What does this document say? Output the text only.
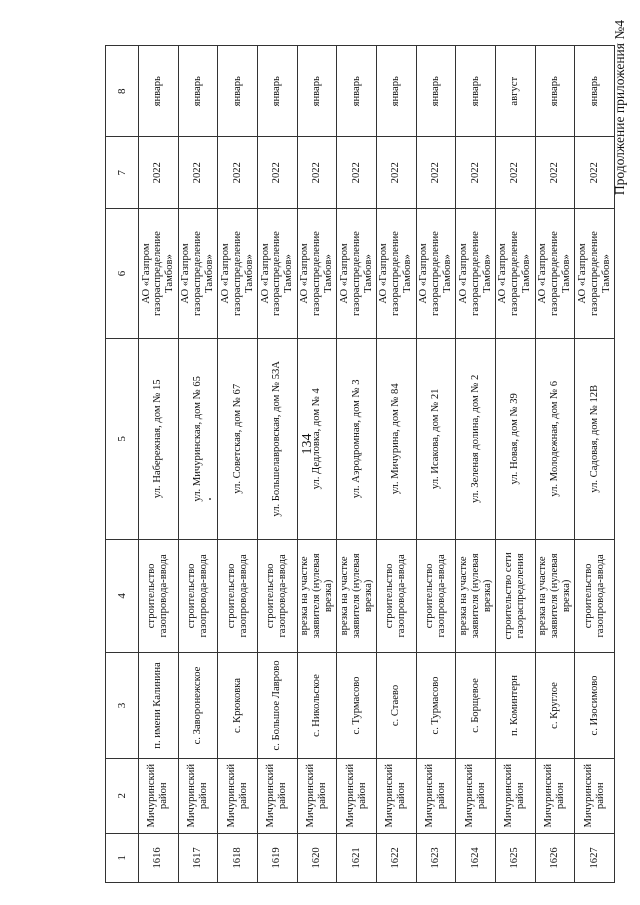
134
Продолжение приложения №4
1	2	3	4	5	6	7	8
1616	Мичуринский район	п. имени Калинина	строительство газопровода-ввода	ул. Набережная, дом № 15	АО «Газпром газораспределение Тамбов»	2022	январь
1617	Мичуринский район	с. Заворонежское	строительство газопровода-ввода	ул. Мичуринская, дом № 65	АО «Газпром газораспределение Тамбов»	2022	январь
1618	Мичуринский район	с. Крюковка	строительство газопровода-ввода	ул. Советская, дом № 67	АО «Газпром газораспределение Тамбов»	2022	январь
1619	Мичуринский район	с. Большое Лаврово	строительство газопровода-ввода	ул. Большелавровская, дом № 53А	АО «Газпром газораспределение Тамбов»	2022	январь
1620	Мичуринский район	с. Никольское	врезка на участке заявителя (нулевая врезка)	ул. Дедловка, дом № 4	АО «Газпром газораспределение Тамбов»	2022	январь
1621	Мичуринский район	с. Турмасово	врезка на участке заявителя (нулевая врезка)	ул. Аэродромная, дом № 3	АО «Газпром газораспределение Тамбов»	2022	январь
1622	Мичуринский район	с. Стаево	строительство газопровода-ввода	ул. Мичурина, дом № 84	АО «Газпром газораспределение Тамбов»	2022	январь
1623	Мичуринский район	с. Турмасово	строительство газопровода-ввода	ул. Исакова, дом № 21	АО «Газпром газораспределение Тамбов»	2022	январь
1624	Мичуринский район	с. Борщевое	врезка на участке заявителя (нулевая врезка)	ул. Зеленая долина, дом № 2	АО «Газпром газораспределение Тамбов»	2022	январь
1625	Мичуринский район	п. Коминтерн	строительство сети газораспределения	ул. Новая, дом № 39	АО «Газпром газораспределение Тамбов»	2022	август
1626	Мичуринский район	с. Круглое	врезка на участке заявителя (нулевая врезка)	ул. Молодежная, дом № 6	АО «Газпром газораспределение Тамбов»	2022	январь
1627	Мичуринский район	с. Изосимово	строительство газопровода-ввода	ул. Садовая, дом № 12В	АО «Газпром газораспределение Тамбов»	2022	январь
